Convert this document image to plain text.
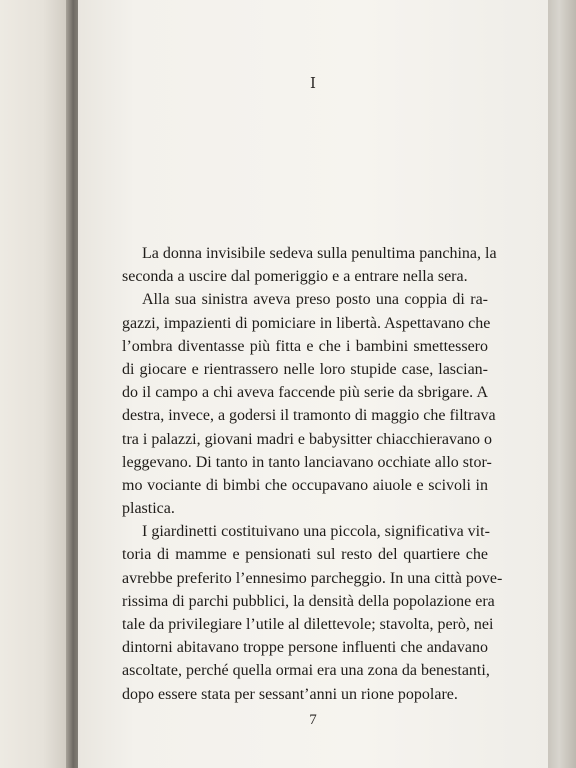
I
La donna invisibile sedeva sulla penultima panchina, la
seconda a uscire dal pomeriggio e a entrare nella sera.
Alla sua sinistra aveva preso posto una coppia di ra-
gazzi, impazienti di pomiciare in libertà. Aspettavano che
l’ombra diventasse più fitta e che i bambini smettessero
di giocare e rientrassero nelle loro stupide case, lascian-
do il campo a chi aveva faccende più serie da sbrigare. A
destra, invece, a godersi il tramonto di maggio che filtrava
tra i palazzi, giovani madri e babysitter chiacchieravano o
leggevano. Di tanto in tanto lanciavano occhiate allo stor-
mo vociante di bimbi che occupavano aiuole e scivoli in
plastica.
I giardinetti costituivano una piccola, significativa vit-
toria di mamme e pensionati sul resto del quartiere che
avrebbe preferito l’ennesimo parcheggio. In una città pove-
rissima di parchi pubblici, la densità della popolazione era
tale da privilegiare l’utile al dilettevole; stavolta, però, nei
dintorni abitavano troppe persone influenti che andavano
ascoltate, perché quella ormai era una zona da benestanti,
dopo essere stata per sessant’anni un rione popolare.
7
